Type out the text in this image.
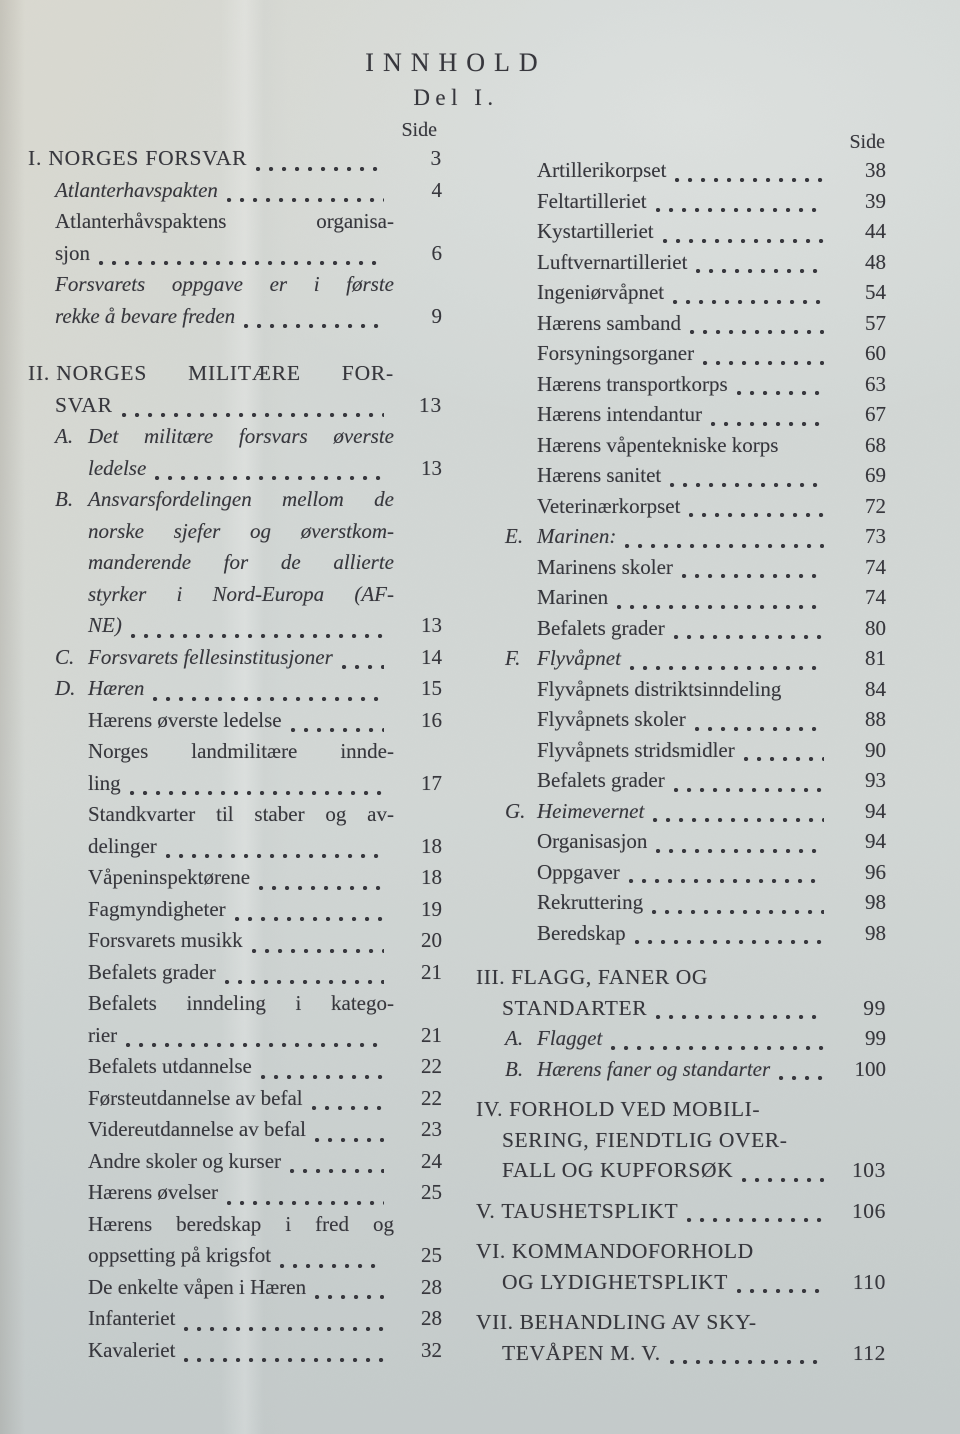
INNHOLD
Del I.
Side
Side
I.
NORGES FORSVAR	3
Atlanterhavspakten	4
Atlanterhåvspaktens organisa-
sjon	6
Forsvarets oppgave er i første
rekke å bevare freden	9
II.
NORGES MILITÆRE FOR-
SVAR	13
A. Det militære forsvars øverste
ledelse	13
B. Ansvarsfordelingen mellom de
norske sjefer og øverstkom-
manderende for de allierte
styrker i Nord-Europa (AF-
NE)	13
C. Forsvarets fellesinstitusjoner	14
D. Hæren	15
Hærens øverste ledelse	16
Norges landmilitære innde-
ling	17
Standkvarter til staber og av-
delinger	18
Våpeninspektørene	18
Fagmyndigheter	19
Forsvarets musikk	20
Befalets grader	21
Befalets inndeling i katego-
rier	21
Befalets utdannelse	22
Førsteutdannelse av befal	22
Videreutdannelse av befal	23
Andre skoler og kurser	24
Hærens øvelser	25
Hærens beredskap i fred og
oppsetting på krigsfot	25
De enkelte våpen i Hæren	28
Infanteriet	28
Kavaleriet	32
Artillerikorpset	38
Feltartilleriet	39
Kystartilleriet	44
Luftvernartilleriet	48
Ingeniørvåpnet	54
Hærens samband	57
Forsyningsorganer	60
Hærens transportkorps	63
Hærens intendantur	67
Hærens våpentekniske korps	68
Hærens sanitet	69
Veterinærkorpset	72
E. Marinen:	73
Marinens skoler	74
Marinen	74
Befalets grader	80
F. Flyvåpnet	81
Flyvåpnets distriktsinndeling	84
Flyvåpnets skoler	88
Flyvåpnets stridsmidler	90
Befalets grader	93
G. Heimevernet	94
Organisasjon	94
Oppgaver	96
Rekruttering	98
Beredskap	98
III.
FLAGG, FANER OG
STANDARTER	99
A. Flagget	99
B. Hærens faner og standarter	100
IV.
FORHOLD VED MOBILI-
SERING, FIENDTLIG OVER-
FALL OG KUPFORSØK	103
V.
TAUSHETSPLIKT	106
VI.
KOMMANDOFORHOLD
OG LYDIGHETSPLIKT	110
VII.
BEHANDLING AV SKY-
TEVÅPEN M. V.	112
